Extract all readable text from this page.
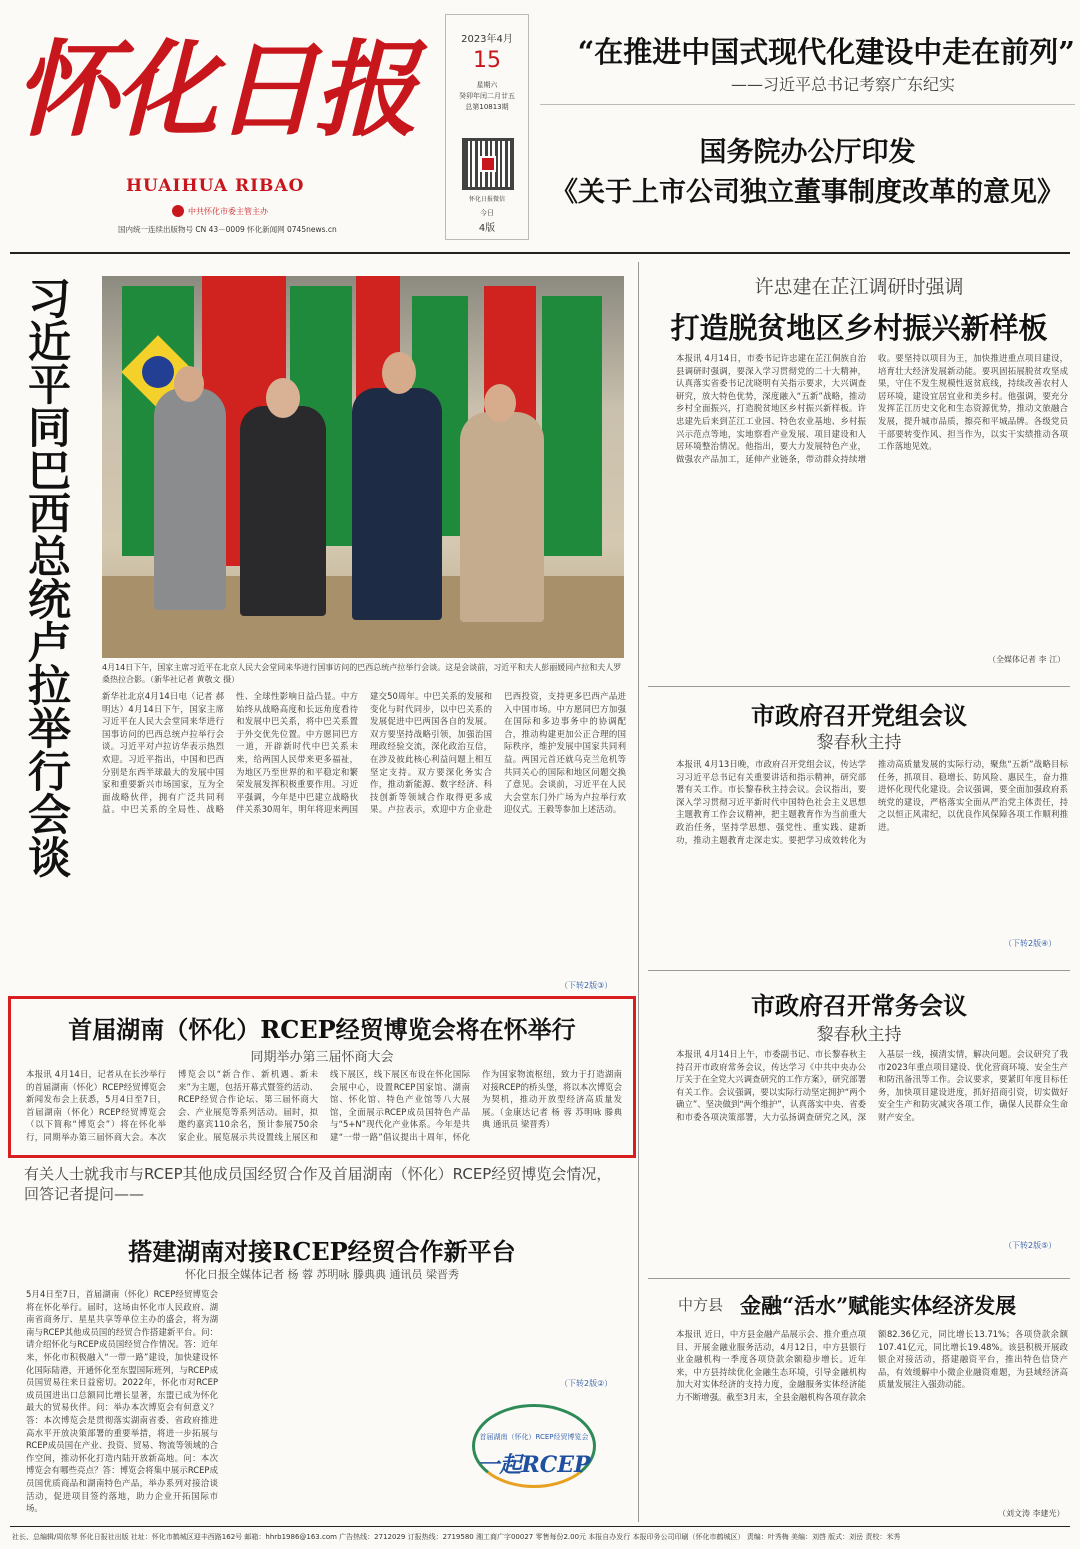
怀化日报
HUAIHUA RIBAO
中共怀化市委主管主办
国内统一连续出版物号 CN 43－0009 怀化新闻网 0745news.cn
2023年4月
15
星期六
癸卯年闰二月廿五
总第10813期
怀化日报微信
今日
4版
“在推进中国式现代化建设中走在前列”
——习近平总书记考察广东纪实
国务院办公厅印发
《关于上市公司独立董事制度改革的意见》
习近平同巴西总统卢拉举行会谈	4月14日下午，国家主席习近平在北京人民大会堂同来华进行国事访问的巴西总统卢拉举行会谈。这是会谈前，习近平和夫人彭丽媛同卢拉和夫人罗桑热拉合影。（新华社记者 黄敬文 摄）
新华社北京4月14日电（记者 郝明达）4月14日下午，国家主席习近平在人民大会堂同来华进行国事访问的巴西总统卢拉举行会谈。习近平对卢拉访华表示热烈欢迎。习近平指出，中国和巴西分别是东西半球最大的发展中国家和重要新兴市场国家，互为全面战略伙伴，拥有广泛共同利益。中巴关系的全局性、战略性、全球性影响日益凸显。中方始终从战略高度和长远角度看待和发展中巴关系，将中巴关系置于外交优先位置。中方愿同巴方一道，开辟新时代中巴关系未来，给两国人民带来更多福祉，为地区乃至世界的和平稳定和繁荣发展发挥积极重要作用。习近平强调，今年是中巴建立战略伙伴关系30周年，明年将迎来两国建交50周年。中巴关系的发展和变化与时代同步，以中巴关系的发展促进中巴两国各自的发展。双方要坚持战略引领，加强治国理政经验交流，深化政治互信，在涉及彼此核心利益问题上相互坚定支持。双方要深化务实合作，推动新能源、数字经济、科技创新等领域合作取得更多成果。卢拉表示，欢迎中方企业赴巴西投资，支持更多巴西产品进入中国市场。中方愿同巴方加强在国际和多边事务中的协调配合，推动构建更加公正合理的国际秩序，维护发展中国家共同利益。两国元首还就乌克兰危机等共同关心的国际和地区问题交换了意见。会谈前，习近平在人民大会堂东门外广场为卢拉举行欢迎仪式。王毅等参加上述活动。
（下转2版③）
首届湖南（怀化）RCEP经贸博览会将在怀举行
同期举办第三届怀商大会
本报讯 4月14日，记者从在长沙举行的首届湖南（怀化）RCEP经贸博览会新闻发布会上获悉，5月4日至7日，首届湖南（怀化）RCEP经贸博览会（以下简称“博览会”）将在怀化举行，同期举办第三届怀商大会。本次博览会以“新合作、新机遇、新未来”为主题，包括开幕式暨签约活动、RCEP经贸合作论坛、第三届怀商大会、产业展览等系列活动。届时，拟邀约嘉宾110余名，预计参展750余家企业。展览展示共设置线上展区和线下展区，线下展区布设在怀化国际会展中心，设置RCEP国家馆、湖南馆、怀化馆、特色产业馆等八大展馆，全面展示RCEP成员国特色产品与“5+N”现代化产业体系。今年是共建“一带一路”倡议提出十周年，怀化作为国家物流枢纽，致力于打造湖南对接RCEP的桥头堡，将以本次博览会为契机，推动开放型经济高质量发展。（金康达记者 杨 蓉 苏明咏 滕典典 通讯员 梁晋秀）
有关人士就我市与RCEP其他成员国经贸合作及首届湖南（怀化）RCEP经贸博览会情况，回答记者提问——
搭建湖南对接RCEP经贸合作新平台
怀化日报全媒体记者 杨 蓉 苏明咏 滕典典 通讯员 梁晋秀
5月4日至7日，首届湖南（怀化）RCEP经贸博览会将在怀化举行。届时，这场由怀化市人民政府、湖南省商务厅、星星共享等单位主办的盛会，将为湖南与RCEP其他成员国的经贸合作搭建新平台。问：请介绍怀化与RCEP成员国经贸合作情况。答：近年来，怀化市积极融入“一带一路”建设，加快建设怀化国际陆港，开通怀化至东盟国际班列，与RCEP成员国贸易往来日益密切。2022年，怀化市对RCEP成员国进出口总额同比增长显著，东盟已成为怀化最大的贸易伙伴。问：举办本次博览会有何意义？答：本次博览会是贯彻落实湖南省委、省政府推进高水平开放决策部署的重要举措，将进一步拓展与RCEP成员国在产业、投资、贸易、物流等领域的合作空间，推动怀化打造内陆开放新高地。问：本次博览会有哪些亮点？答：博览会将集中展示RCEP成员国优质商品和湖南特色产品，举办系列对接洽谈活动，促进项目签约落地，助力企业开拓国际市场。
（下转2版②）
首届湖南（怀化）RCEP经贸博览会
一起RCEP
许忠建在芷江调研时强调
打造脱贫地区乡村振兴新样板
本报讯 4月14日，市委书记许忠建在芷江侗族自治县调研时强调，要深入学习贯彻党的二十大精神，认真落实省委书记沈晓明有关指示要求，大兴调查研究，放大特色优势，深度融入“五新”战略，推动乡村全面振兴，打造脱贫地区乡村振兴新样板。许忠建先后来到芷江工业园、特色农业基地、乡村振兴示范点等地，实地察看产业发展、项目建设和人居环境整治情况。他指出，要大力发展特色产业，做强农产品加工，延伸产业链条，带动群众持续增收。要坚持以项目为王，加快推进重点项目建设，培育壮大经济发展新动能。要巩固拓展脱贫攻坚成果，守住不发生规模性返贫底线，持续改善农村人居环境，建设宜居宜业和美乡村。他强调，要充分发挥芷江历史文化和生态资源优势，推动文旅融合发展，提升城市品质，擦亮和平城品牌。各级党员干部要转变作风、担当作为，以实干实绩推动各项工作落地见效。
（全媒体记者 李 江）
市政府召开党组会议
黎春秋主持
本报讯 4月13日晚，市政府召开党组会议，传达学习习近平总书记有关重要讲话和指示精神，研究部署有关工作。市长黎春秋主持会议。会议指出，要深入学习贯彻习近平新时代中国特色社会主义思想主题教育工作会议精神，把主题教育作为当前重大政治任务，坚持学思想、强党性、重实践、建新功，推动主题教育走深走实。要把学习成效转化为推动高质量发展的实际行动，聚焦“五新”战略目标任务，抓项目、稳增长、防风险、惠民生，奋力推进怀化现代化建设。会议强调，要全面加强政府系统党的建设，严格落实全面从严治党主体责任，持之以恒正风肃纪，以优良作风保障各项工作顺利推进。
（下转2版④）
市政府召开常务会议
黎春秋主持
本报讯 4月14日上午，市委副书记、市长黎春秋主持召开市政府常务会议，传达学习《中共中央办公厅关于在全党大兴调查研究的工作方案》，研究部署有关工作。会议强调，要以实际行动坚定拥护“两个确立”、坚决做到“两个维护”，认真落实中央、省委和市委各项决策部署，大力弘扬调查研究之风，深入基层一线，摸清实情，解决问题。会议研究了我市2023年重点项目建设、优化营商环境、安全生产和防汛备汛等工作。会议要求，要紧盯年度目标任务，加快项目建设进度，抓好招商引资，切实做好安全生产和防灾减灾各项工作，确保人民群众生命财产安全。
（下转2版⑤）
中方县 金融“活水”赋能实体经济发展
本报讯 近日，中方县金融产品展示会、推介重点项目、开展金融业服务活动，4月12日，中方县银行业金融机构一季度各项贷款余额稳步增长。近年来，中方县持续优化金融生态环境，引导金融机构加大对实体经济的支持力度，金融服务实体经济能力不断增强。截至3月末，全县金融机构各项存款余额82.36亿元，同比增长13.71%；各项贷款余额107.41亿元，同比增长19.48%。该县积极开展政银企对接活动，搭建融资平台，推出特色信贷产品，有效缓解中小微企业融资难题，为县域经济高质量发展注入强劲动能。
（刘文涛 李建光）
社长、总编辑/周依琴 怀化日报社出版 社址：怀化市鹤城区迎丰西路162号 邮箱：hhrb1986@163.com 广告热线：2712029 订报热线：2719580 湘工商广字00027 零售每份2.00元 本报自办发行 本报印务公司印刷（怀化市鹤城区） 责编：叶秀梅 美编：刘啓 版式：刘岳 责校：米秀
